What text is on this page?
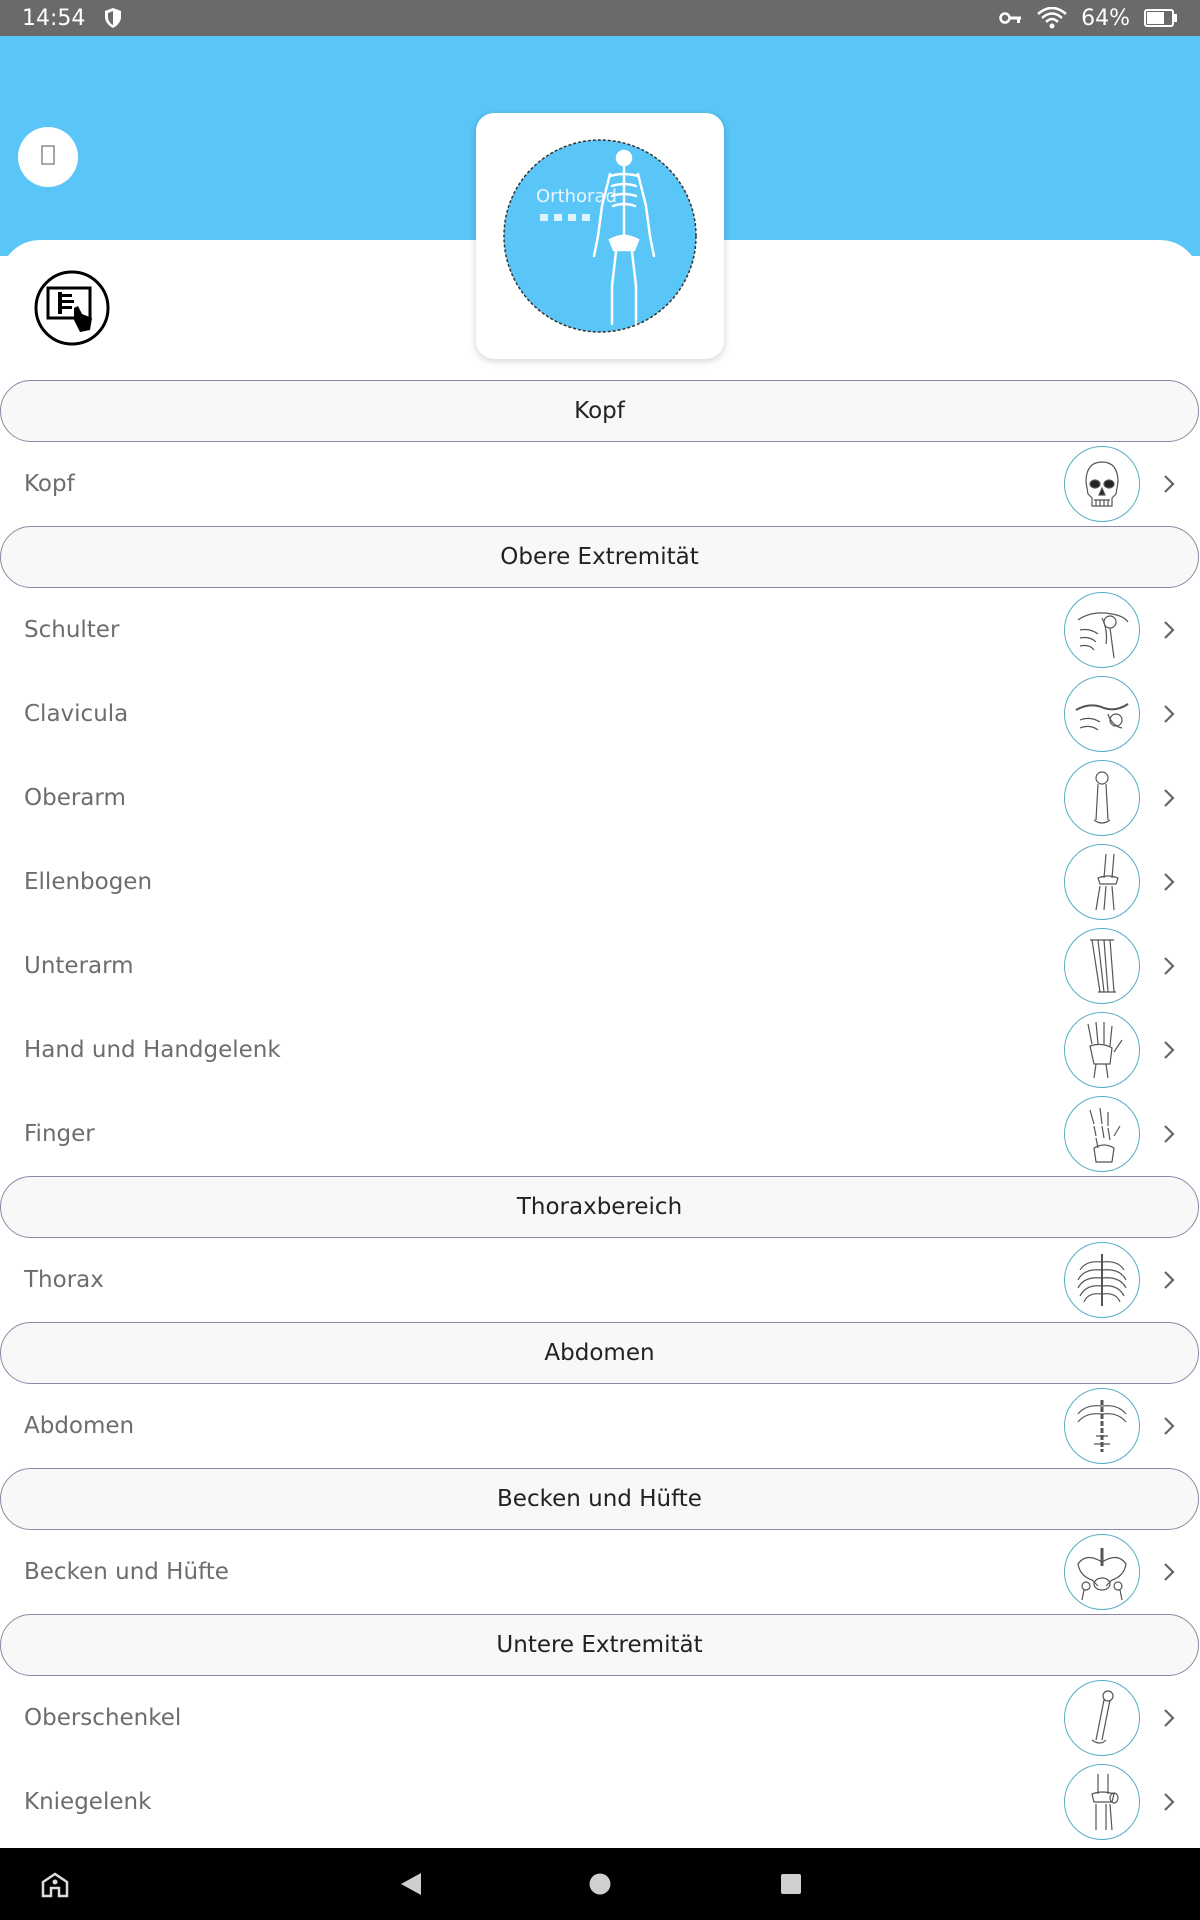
14:54	64%
Orthorad
Kopf
Kopf
Obere Extremität
Schulter
Clavicula
Oberarm
Ellenbogen
Unterarm
Hand und Handgelenk
Finger
Thoraxbereich
Thorax
Abdomen
Abdomen
Becken und Hüfte
Becken und Hüfte
Untere Extremität
Oberschenkel
Kniegelenk
